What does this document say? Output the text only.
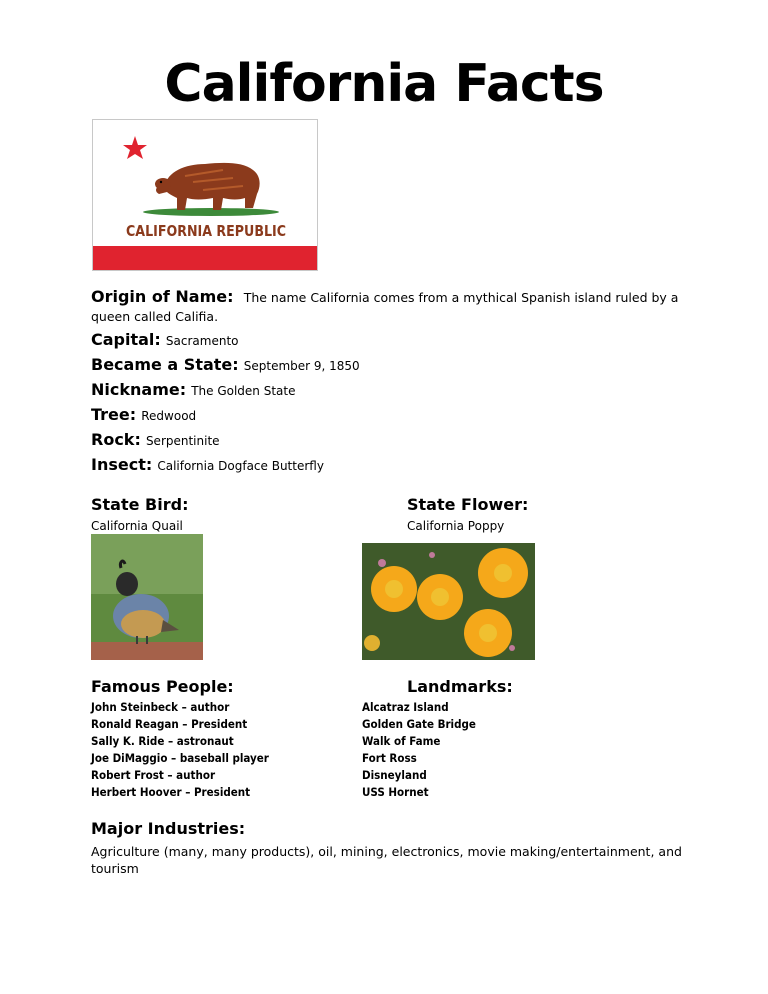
California Facts
CALIFORNIA REPUBLIC

Origin of Name: The name California comes from a mythical Spanish island ruled by a queen called Califia.

Capital: Sacramento

Became a State: September 9, 1850

Nickname: The Golden State

Tree: Redwood

Rock: Serpentinite

Insect: California Dogface Butterfly

State Bird:
California Quail
State Flower:
California Poppy
Famous People:
John Steinbeck – author
Ronald Reagan – President
Sally K. Ride – astronaut
Joe DiMaggio – baseball player
Robert Frost – author
Herbert Hoover – President
Landmarks:
Alcatraz Island
Golden Gate Bridge
Walk of Fame
Fort Ross
Disneyland
USS Hornet
Major Industries:
Agriculture (many, many products), oil, mining, electronics, movie making/entertainment, and tourism
